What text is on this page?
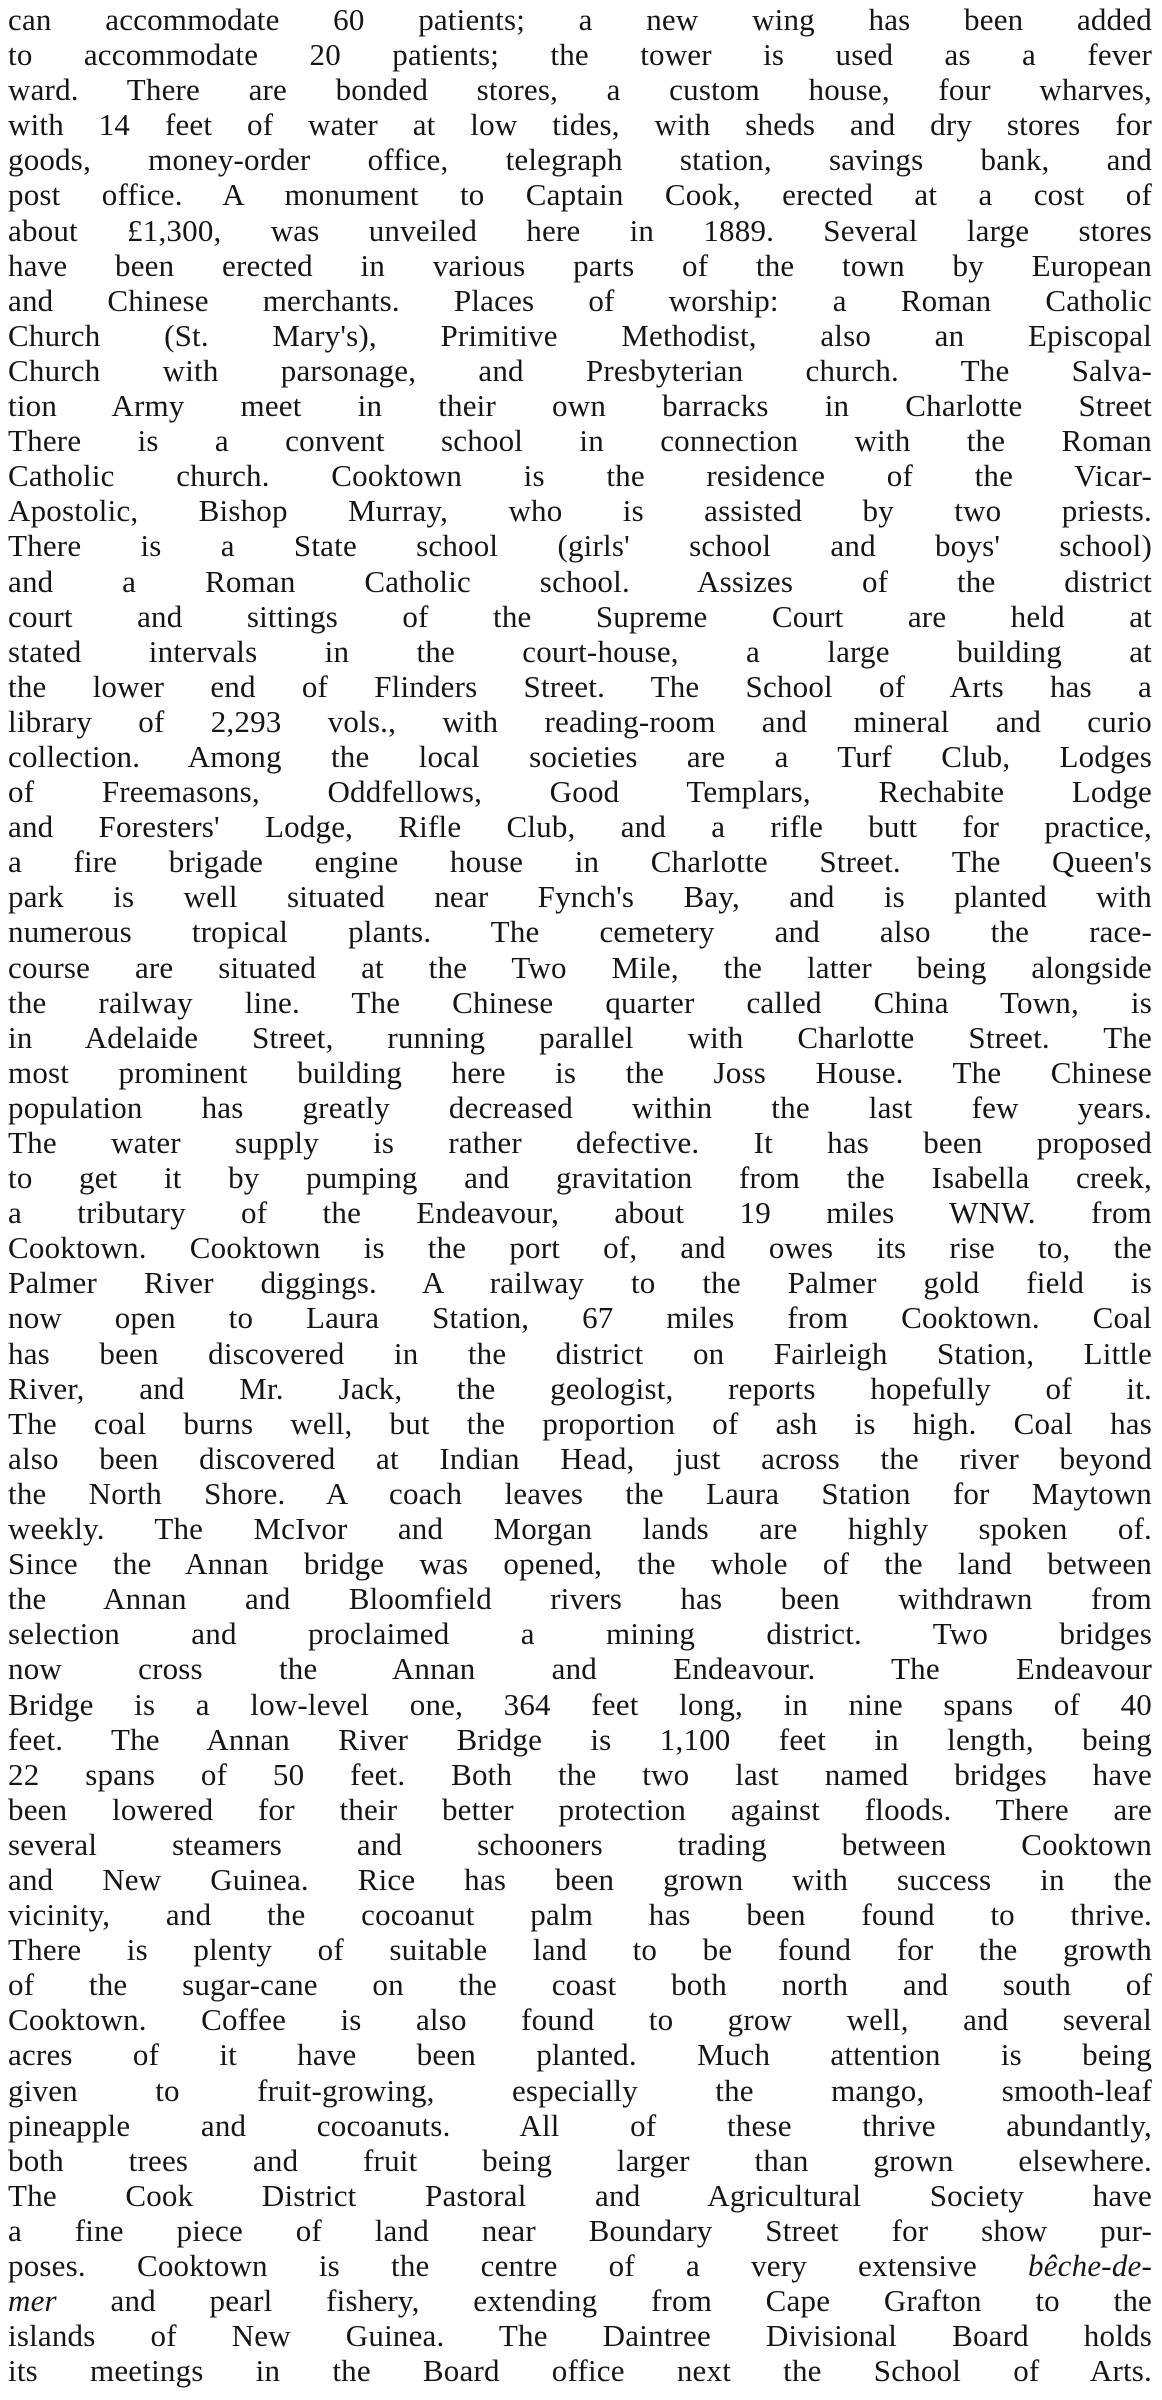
can accommodate 60 patients; a new wing has been added
to accommodate 20 patients; the tower is used as a fever
ward. There are bonded stores, a custom house, four wharves,
with 14 feet of water at low tides, with sheds and dry stores for
goods, money-order office, telegraph station, savings bank, and
post office. A monument to Captain Cook, erected at a cost of
about £1,300, was unveiled here in 1889. Several large stores
have been erected in various parts of the town by European
and Chinese merchants. Places of worship: a Roman Catholic
Church (St. Mary's), Primitive Methodist, also an Episcopal
Church with parsonage, and Presbyterian church. The Salva-
tion Army meet in their own barracks in Charlotte Street
There is a convent school in connection with the Roman
Catholic church. Cooktown is the residence of the Vicar-
Apostolic, Bishop Murray, who is assisted by two priests.
There is a State school (girls' school and boys' school)
and a Roman Catholic school. Assizes of the district
court and sittings of the Supreme Court are held at
stated intervals in the court-house, a large building at
the lower end of Flinders Street. The School of Arts has a
library of 2,293 vols., with reading-room and mineral and curio
collection. Among the local societies are a Turf Club, Lodges
of Freemasons, Oddfellows, Good Templars, Rechabite Lodge
and Foresters' Lodge, Rifle Club, and a rifle butt for practice,
a fire brigade engine house in Charlotte Street. The Queen's
park is well situated near Fynch's Bay, and is planted with
numerous tropical plants. The cemetery and also the race-
course are situated at the Two Mile, the latter being alongside
the railway line. The Chinese quarter called China Town, is
in Adelaide Street, running parallel with Charlotte Street. The
most prominent building here is the Joss House. The Chinese
population has greatly decreased within the last few years.
The water supply is rather defective. It has been proposed
to get it by pumping and gravitation from the Isabella creek,
a tributary of the Endeavour, about 19 miles WNW. from
Cooktown. Cooktown is the port of, and owes its rise to, the
Palmer River diggings. A railway to the Palmer gold field is
now open to Laura Station, 67 miles from Cooktown. Coal
has been discovered in the district on Fairleigh Station, Little
River, and Mr. Jack, the geologist, reports hopefully of it.
The coal burns well, but the proportion of ash is high. Coal has
also been discovered at Indian Head, just across the river beyond
the North Shore. A coach leaves the Laura Station for Maytown
weekly. The McIvor and Morgan lands are highly spoken of.
Since the Annan bridge was opened, the whole of the land between
the Annan and Bloomfield rivers has been withdrawn from
selection and proclaimed a mining district. Two bridges
now cross the Annan and Endeavour. The Endeavour
Bridge is a low-level one, 364 feet long, in nine spans of 40
feet. The Annan River Bridge is 1,100 feet in length, being
22 spans of 50 feet. Both the two last named bridges have
been lowered for their better protection against floods. There are
several steamers and schooners trading between Cooktown
and New Guinea. Rice has been grown with success in the
vicinity, and the cocoanut palm has been found to thrive.
There is plenty of suitable land to be found for the growth
of the sugar-cane on the coast both north and south of
Cooktown. Coffee is also found to grow well, and several
acres of it have been planted. Much attention is being
given to fruit-growing, especially the mango, smooth-leaf
pineapple and cocoanuts. All of these thrive abundantly,
both trees and fruit being larger than grown elsewhere.
The Cook District Pastoral and Agricultural Society have
a fine piece of land near Boundary Street for show pur-
poses. Cooktown is the centre of a very extensive bêche-de-
mer and pearl fishery, extending from Cape Grafton to the
islands of New Guinea. The Daintree Divisional Board holds
its meetings in the Board office next the School of Arts.
